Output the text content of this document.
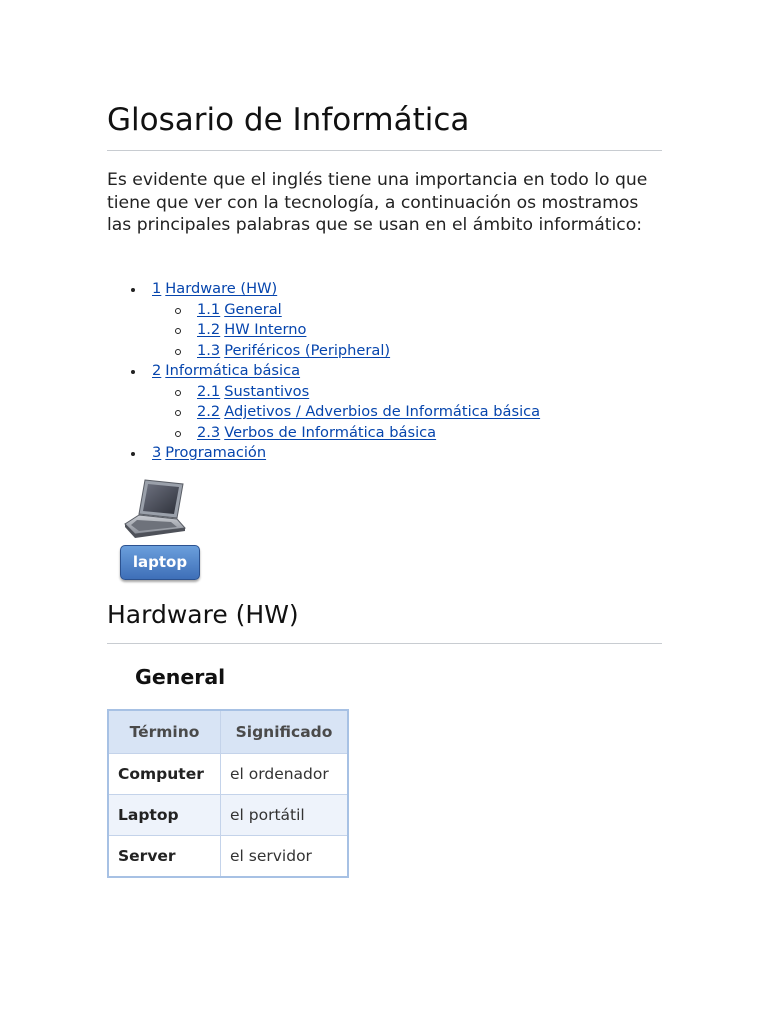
Glosario de Informática

Es evidente que el inglés tiene una importancia en todo lo que tiene que ver con la tecnología, a continuación os mostramos las principales palabras que se usan en el ámbito informático:

1 Hardware (HW)
1.1 General
1.2 HW Interno
1.3 Periféricos (Peripheral)
2 Informática básica
2.1 Sustantivos
2.2 Adjetivos / Adverbios de Informática básica
2.3 Verbos de Informática básica
3 Programación
laptop
Hardware (HW)
General
Término	Significado
Computer	el ordenador
Laptop	el portátil
Server	el servidor
